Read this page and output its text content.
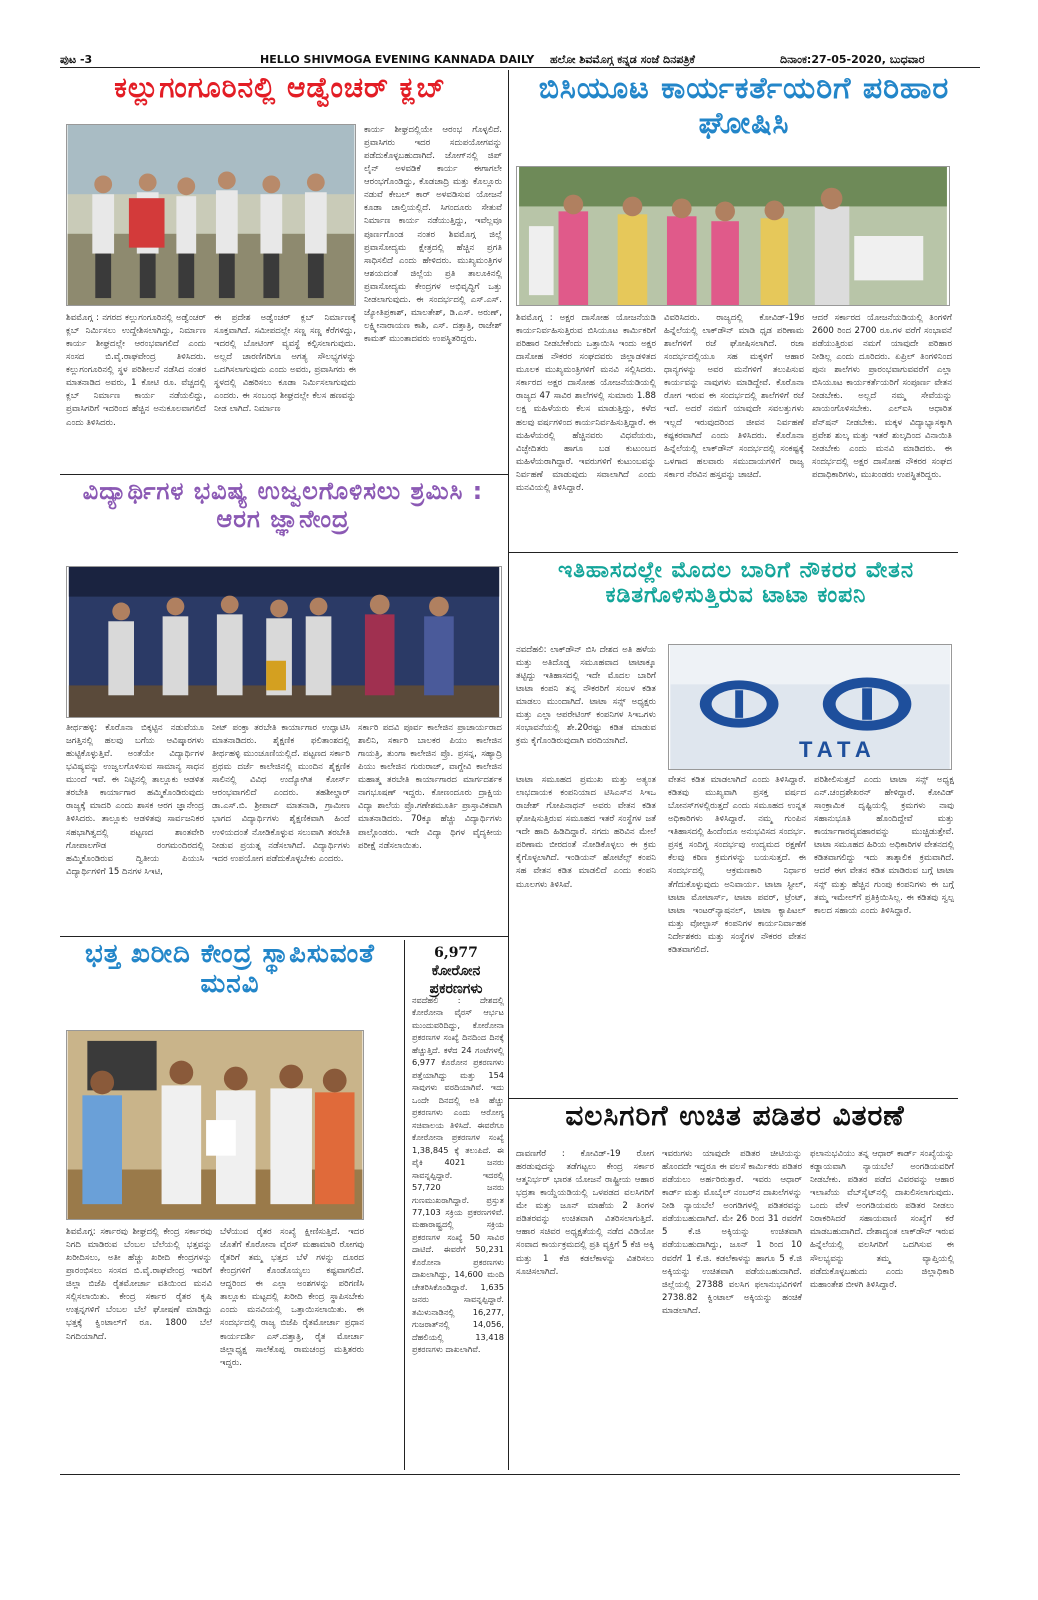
ಪುಟ -3	HELLO SHIVMOGA EVENING KANNADA DAILY ಹಲೋ ಶಿವಮೊಗ್ಗ ಕನ್ನಡ ಸಂಜೆ ದಿನಪತ್ರಿಕೆ	ದಿನಾಂಕ:27-05-2020, ಬುಧವಾರ
ಕಲ್ಲುಗಂಗೂರಿನಲ್ಲಿ ಆಡ್ವೆಂಚರ್ ಕ್ಲಬ್
ಶಿವಮೊಗ್ಗ : ನಗರದ ಕಲ್ಲುಗಂಗೂರಿನಲ್ಲಿ ಅಡ್ವೆಂಚರ್ ಕ್ಲಬ್ ನಿರ್ಮಿಸಲು ಉದ್ದೇಶಿಸಲಾಗಿದ್ದು, ನಿರ್ಮಾಣ ಕಾರ್ಯ ಶೀಘ್ರದಲ್ಲೇ ಆರಂಭವಾಗಲಿದೆ ಎಂದು ಸಂಸದ ಬಿ.ವೈ.ರಾಘವೇಂದ್ರ ತಿಳಿಸಿದರು. ಕಲ್ಲುಗಂಗೂರಿನಲ್ಲಿ ಸ್ಥಳ ಪರಿಶೀಲನೆ ನಡೆಸಿದ ನಂತರ ಮಾತನಾಡಿದ ಅವರು, 1 ಕೋಟಿ ರೂ. ವೆಚ್ಚದಲ್ಲಿ ಕ್ಲಬ್ ನಿರ್ಮಾಣ ಕಾರ್ಯ ನಡೆಯಲಿದ್ದು, ಪ್ರವಾಸಿಗರಿಗೆ ಇದರಿಂದ ಹೆಚ್ಚಿನ ಅನುಕೂಲವಾಗಲಿದೆ ಎಂದು ತಿಳಿಸಿದರು.
ಈ ಪ್ರದೇಶ ಅಡ್ವೆಂಚರ್ ಕ್ಲಬ್ ನಿರ್ಮಾಣಕ್ಕೆ ಸೂಕ್ತವಾಗಿದೆ. ಸಮೀಪದಲ್ಲೇ ಸಣ್ಣ ಸಣ್ಣ ಕೆರೆಗಳಿದ್ದು, ಇದರಲ್ಲಿ ಬೋಟಿಂಗ್ ವ್ಯವಸ್ಥೆ ಕಲ್ಪಿಸಲಾಗುವುದು. ಅಲ್ಲದೆ ಚಾರಣಿಗರಿಗೂ ಅಗತ್ಯ ಸೌಲಭ್ಯಗಳನ್ನು ಒದಗಿಸಲಾಗುವುದು ಎಂದು ಅವರು, ಪ್ರವಾಸಿಗರು ಈ ಸ್ಥಳದಲ್ಲಿ ವಿಹರಿಸಲು ಕೂಡಾ ನಿರ್ಮಿಸಲಾಗುವುದು ಎಂದರು. ಈ ಸಂಬಂಧ ಶೀಘ್ರದಲ್ಲೇ ಕೆಲಸ ಹಣವನ್ನು ನೀಡ ಲಾಗಿದೆ. ನಿರ್ಮಾಣ
ಕಾರ್ಯ ಶೀಘ್ರದಲ್ಲಿಯೇ ಆರಂಭ ಗೊಳ್ಳಲಿದೆ. ಪ್ರವಾಸಿಗರು ಇದರ ಸದುಪಯೋಗವನ್ನು ಪಡೆದುಕೊಳ್ಳಬಹುದಾಗಿದೆ. ಜೋಗ್‌ನಲ್ಲಿ ಜಿಪ್ ಲೈನ್ ಅಳವಡಿಕೆ ಕಾರ್ಯ ಈಗಾಗಲೇ ಆರಂಭಗೊಂಡಿದ್ದು, ಕೊಡಚಾದ್ರಿ ಮತ್ತು ಕೊಲ್ಲೂರು ನಡುವೆ ಕೇಬಲ್ ಕಾರ್ ಅಳವಡಿಸುವ ಯೋಜನೆ ಕೂಡಾ ಚಾಲ್ತಿಯಲ್ಲಿದೆ. ಸಿಗಂದೂರು ಸೇತುವೆ ನಿರ್ಮಾಣ ಕಾರ್ಯ ನಡೆಯುತ್ತಿದ್ದು, ಇವೆಲ್ಲವೂ ಪೂರ್ಣಗೊಂಡ ನಂತರ ಶಿವಮೊಗ್ಗ ಜಿಲ್ಲೆ ಪ್ರವಾಸೋದ್ಯಮ ಕ್ಷೇತ್ರದಲ್ಲಿ ಹೆಚ್ಚಿನ ಪ್ರಗತಿ ಸಾಧಿಸಲಿದೆ ಎಂದು ಹೇಳಿದರು. ಮುಖ್ಯಮಂತ್ರಿಗಳ ಆಶಯದಂತೆ ಜಿಲ್ಲೆಯ ಪ್ರತಿ ತಾಲೂಕಿನಲ್ಲಿ ಪ್ರವಾಸೋದ್ಯಮ ಕೇಂದ್ರಗಳ ಅಭಿವೃದ್ಧಿಗೆ ಒತ್ತು ನೀಡಲಾಗುವುದು. ಈ ಸಂದರ್ಭದಲ್ಲಿ ಎಸ್.ಎಸ್. ಜ್ಯೋತಿಪ್ರಕಾಶ್, ಮಾಲತೇಶ್, ಡಿ.ಎಸ್. ಅರುಣ್, ಲಕ್ಷ್ಮೀನಾರಾಯಣ ಕಾಶಿ, ಎಸ್. ದತ್ತಾತ್ರಿ, ರಾಜೇಶ್ ಕಾಮತ್ ಮುಂತಾದವರು ಉಪಸ್ಥಿತರಿದ್ದರು.
ಬಿಸಿಯೂಟ ಕಾರ್ಯಕರ್ತೆಯರಿಗೆ ಪರಿಹಾರ ಘೋಷಿಸಿ
ಶಿವಮೊಗ್ಗ : ಅಕ್ಷರ ದಾಸೋಹ ಯೋಜನೆಯಡಿ ಕಾರ್ಯನಿರ್ವಹಿಸುತ್ತಿರುವ ಬಿಸಿಯೂಟ ಕಾರ್ಮಿಕರಿಗೆ ಪರಿಹಾರ ನೀಡಬೇಕೆಂದು ಒತ್ತಾಯಿಸಿ ಇಂದು ಅಕ್ಷರ ದಾಸೋಹ ನೌಕರರ ಸಂಘದವರು ಜಿಲ್ಲಾಡಳಿತದ ಮೂಲಕ ಮುಖ್ಯಮಂತ್ರಿಗಳಿಗೆ ಮನವಿ ಸಲ್ಲಿಸಿದರು. ಸರ್ಕಾರದ ಅಕ್ಷರ ದಾಸೋಹ ಯೋಜನೆಯಡಿಯಲ್ಲಿ ರಾಜ್ಯದ 47 ಸಾವಿರ ಶಾಲೆಗಳಲ್ಲಿ ಸುಮಾರು 1.88 ಲಕ್ಷ ಮಹಿಳೆಯರು ಕೆಲಸ ಮಾಡುತ್ತಿದ್ದು, ಕಳೆದ ಹಲವು ವರ್ಷಗಳಿಂದ ಕಾರ್ಯನಿರ್ವಹಿಸುತ್ತಿದ್ದಾರೆ. ಈ ಮಹಿಳೆಯರಲ್ಲಿ ಹೆಚ್ಚಿನವರು ವಿಧವೆಯರು, ವಿಚ್ಛೇದಿತರು ಹಾಗೂ ಬಡ ಕುಟುಂಬದ ಮಹಿಳೆಯರಾಗಿದ್ದಾರೆ. ಇವರುಗಳಿಗೆ ಕುಟುಂಬವನ್ನು ನಿರ್ವಹಣೆ ಮಾಡುವುದು ಸವಾಲಾಗಿದೆ ಎಂದು ಮನವಿಯಲ್ಲಿ ತಿಳಿಸಿದ್ದಾರೆ.
ವಿವರಿಸಿದರು. ರಾಜ್ಯದಲ್ಲಿ ಕೋವಿಡ್-19ರ ಹಿನ್ನೆಲೆಯಲ್ಲಿ ಲಾಕ್‌ಡೌನ್ ಮಾಡಿ ಧೃಡ ಪರಿಣಾಮ ಶಾಲೆಗಳಿಗೆ ರಜೆ ಘೋಷಿಸಲಾಗಿದೆ. ರಜಾ ಸಂದರ್ಭದಲ್ಲಿಯೂ ಸಹ ಮಕ್ಕಳಿಗೆ ಆಹಾರ ಧಾನ್ಯಗಳನ್ನು ಅವರ ಮನೆಗಳಿಗೆ ತಲುಪಿಸುವ ಕಾರ್ಯವನ್ನು ನಾವುಗಳು ಮಾಡಿದ್ದೇವೆ. ಕೊರೊನಾ ರೋಗ ಇರುವ ಈ ಸಂದರ್ಭದಲ್ಲಿ ಶಾಲೆಗಳಿಗೆ ರಜೆ ಇದೆ. ಅದರೆ ನಮಗೆ ಯಾವುದೇ ಸವಲತ್ತುಗಳು ಇಲ್ಲದೆ ಇರುವುದರಿಂದ ಜೀವನ ನಿರ್ವಹಣೆ ಕಷ್ಟಕರವಾಗಿದೆ ಎಂದು ತಿಳಿಸಿದರು. ಕೊರೊನಾ ಹಿನ್ನೆಲೆಯಲ್ಲಿ ಲಾಕ್‌ಡೌನ್ ಸಂದರ್ಭದಲ್ಲಿ ಸಂಕಷ್ಟಕ್ಕೆ ಒಳಗಾದ ಹಲವಾರು ಸಮುದಾಯಗಳಿಗೆ ರಾಜ್ಯ ಸರ್ಕಾರ ನೆರವಿನ ಹಸ್ತವನ್ನು ಚಾಚಿದೆ.
ಆದರೆ ಸರ್ಕಾರದ ಯೋಜನೆಯಡಿಯಲ್ಲಿ ತಿಂಗಳಿಗೆ 2600 ರಿಂದ 2700 ರೂ.ಗಳ ವರೆಗೆ ಸಂಭಾವನೆ ಪಡೆಯುತ್ತಿರುವ ನಮಗೆ ಯಾವುದೇ ಪರಿಹಾರ ನೀಡಿಲ್ಲ ಎಂದು ದೂರಿದರು. ಏಪ್ರಿಲ್ ತಿಂಗಳಿನಿಂದ ಪುನಃ ಶಾಲೆಗಳು ಪ್ರಾರಂಭವಾಗುವವರೆಗೆ ಎಲ್ಲಾ ಬಿಸಿಯೂಟ ಕಾರ್ಯಕರ್ತೆಯರಿಗೆ ಸಂಪೂರ್ಣ ವೇತನ ನೀಡಬೇಕು. ಅಲ್ಲದೆ ನಮ್ಮ ಸೇವೆಯನ್ನು ಖಾಯಂಗೊಳಿಸಬೇಕು. ಎಲ್ಐಸಿ ಆಧಾರಿತ ಪೆನ್‌ಷನ್ ನೀಡಬೇಕು. ಮಕ್ಕಳ ವಿದ್ಯಾಭ್ಯಾಸಕ್ಕಾಗಿ ಪ್ರವೇಶ ಶುಲ್ಕ ಮತ್ತು ಇತರೆ ಶುಲ್ಕದಿಂದ ವಿನಾಯಿತಿ ನೀಡಬೇಕು ಎಂದು ಮನವಿ ಮಾಡಿದರು. ಈ ಸಂದರ್ಭದಲ್ಲಿ ಅಕ್ಷರ ದಾಸೋಹ ನೌಕರರ ಸಂಘದ ಪದಾಧಿಕಾರಿಗಳು, ಮುಖಂಡರು ಉಪಸ್ಥಿತರಿದ್ದರು.
ವಿದ್ಯಾರ್ಥಿಗಳ ಭವಿಷ್ಯ ಉಜ್ವಲಗೊಳಿಸಲು ಶ್ರಮಿಸಿ : ಆರಗ ಜ್ಞಾನೇಂದ್ರ
ತೀರ್ಥಹಳ್ಳಿ: ಕೊರೊನಾ ಬಿಕ್ಕಟ್ಟಿನ ನಡುವೆಯೂ ಜಗತ್ತಿನಲ್ಲಿ ಹಲವು ಬಗೆಯ ಆವಿಷ್ಕಾರಗಳು ಹುಟ್ಟಿಕೊಳ್ಳುತ್ತಿವೆ. ಅಂತೆಯೇ ವಿದ್ಯಾರ್ಥಿಗಳ ಭವಿಷ್ಯವನ್ನು ಉಜ್ವಲಗೊಳಿಸುವ ಸಾಮಾನ್ಯ ಸಾಧನ ಮುಂದೆ ಇವೆ. ಈ ನಿಟ್ಟಿನಲ್ಲಿ ತಾಲ್ಲೂಕು ಆಡಳಿತ ತರಬೇತಿ ಕಾರ್ಯಾಗಾರ ಹಮ್ಮಿಕೊಂಡಿರುವುದು ರಾಜ್ಯಕ್ಕೆ ಮಾದರಿ ಎಂದು ಶಾಸಕ ಆರಗ ಜ್ಞಾನೇಂದ್ರ ತಿಳಿಸಿದರು. ತಾಲ್ಲೂಕು ಆಡಳಿತವು ಸಾರ್ವಜನಿಕರ ಸಹಭಾಗಿತ್ವದಲ್ಲಿ ಪಟ್ಟಣದ ಶಾಂತವೇರಿ ಗೋಪಾಲಗೌಡ ರಂಗಮಂದಿರದಲ್ಲಿ ಹಮ್ಮಿಕೊಂಡಿರುವ ದ್ವಿತೀಯ ಪಿಯುಸಿ ವಿದ್ಯಾರ್ಥಿಗಳಿಗೆ 15 ದಿನಗಳ ಸಿಇಟಿ,
ನೀಟ್ ಪಂಕ್ತಾ ತರಬೇತಿ ಕಾರ್ಯಾಗಾರ ಉದ್ಘಾಟಿಸಿ ಮಾತನಾಡಿದರು. ಶೈಕ್ಷಣಿಕ ಫಲಿತಾಂಶದಲ್ಲಿ ತೀರ್ಥಹಳ್ಳಿ ಮುಂಚೂಣಿಯಲ್ಲಿದೆ. ಪಟ್ಟಣದ ಸರ್ಕಾರಿ ಪ್ರಥಮ ದರ್ಜೆ ಕಾಲೇಜಿನಲ್ಲಿ ಮುಂದಿನ ಶೈಕ್ಷಣಿಕ ಸಾಲಿನಲ್ಲಿ ವಿವಿಧ ಉದ್ಯೋಗಿತ ಕೋರ್ಸ್ ಆರಂಭವಾಗಲಿದೆ ಎಂದರು. ತಹಶೀಲ್ದಾರ್ ಡಾ.ಎಸ್.ಬಿ. ಶ್ರೀಪಾದ್ ಮಾತನಾಡಿ, ಗ್ರಾಮೀಣ ಭಾಗದ ವಿದ್ಯಾರ್ಥಿಗಳು ಶೈಕ್ಷಣಿಕವಾಗಿ ಹಿಂದೆ ಉಳಿಯದಂತೆ ನೋಡಿಕೊಳ್ಳುವ ಸಲುವಾಗಿ ತರಬೇತಿ ನೀಡುವ ಪ್ರಯತ್ನ ನಡೆಸಲಾಗಿದೆ. ವಿದ್ಯಾರ್ಥಿಗಳು ಇದರ ಉಪಯೋಗ ಪಡೆದುಕೊಳ್ಳಬೇಕು ಎಂದರು.
ಸರ್ಕಾರಿ ಪದವಿ ಪೂರ್ವ ಕಾಲೇಜಿನ ಪ್ರಾಚಾರ್ಯರಾದ ಶಾಲಿನಿ, ಸರ್ಕಾರಿ ಬಾಲಕರ ಪಿಯು ಕಾಲೇಜಿನ ಗಾಯತ್ರಿ, ತುಂಗಾ ಕಾಲೇಜಿನ ಪ್ರೊ. ಪ್ರಸನ್ನ, ಸಹ್ಯಾದ್ರಿ ಪಿಯು ಕಾಲೇಜಿನ ಗುರುರಾಜ್, ವಾಗ್ದೇವಿ ಕಾಲೇಜಿನ ಮಹಾತ್ಮ ತರಬೇತಿ ಕಾರ್ಯಾಗಾರದ ಮಾರ್ಗದರ್ಶಕ ನಾಗಭೂಷಣ್ ಇದ್ದರು. ಕೋಣಂದೂರು ದ್ರಾಕ್ಷಿಯ ವಿದ್ಯಾ ಶಾಲೆಯ ಪ್ರೊ.ಗಣೇಶಮೂರ್ತಿ ಪ್ರಾಸ್ತಾವಿಕವಾಗಿ ಮಾತನಾಡಿದರು. 70ಕ್ಕೂ ಹೆಚ್ಚು ವಿದ್ಯಾರ್ಥಿಗಳು ಪಾಲ್ಗೊಂಡರು. ಇದೇ ವಿದ್ಯಾ ಥಿಗಳ ವೈದ್ಯಕೀಯ ಪರೀಕ್ಷೆ ನಡೆಸಲಾಯಿತು.
ಇತಿಹಾಸದಲ್ಲೇ ಮೊದಲ ಬಾರಿಗೆ ನೌಕರರ ವೇತನ ಕಡಿತಗೊಳಿಸುತ್ತಿರುವ ಟಾಟಾ ಕಂಪನಿ
ನವದೆಹಲಿ: ಲಾಕ್‌ಡೌನ್ ಬಿಸಿ ದೇಶದ ಅತಿ ಹಳೆಯ ಮತ್ತು ಅತಿದೊಡ್ಡ ಸಮೂಹವಾದ ಟಾಟಾಕ್ಕೂ ತಟ್ಟಿದ್ದು ಇತಿಹಾಸದಲ್ಲಿ ಇದೇ ಮೊದಲ ಬಾರಿಗೆ ಟಾಟಾ ಕಂಪನಿ ತನ್ನ ನೌಕರರಿಗೆ ಸಂಬಳ ಕಡಿತ ಮಾಡಲು ಮುಂದಾಗಿದೆ. ಟಾಟಾ ಸನ್ಸ್ ಅಧ್ಯಕ್ಷರು ಮತ್ತು ಎಲ್ಲಾ ಆಪರೇಟಿಂಗ್ ಕಂಪನಿಗಳ ಸಿಇಒಗಳು ಸಂಭಾವನೆಯಲ್ಲಿ ಶೇ.20ರಷ್ಟು ಕಡಿತ ಮಾಡುವ ಕ್ರಮ ಕೈಗೊಂಡಿರುವುದಾಗಿ ವರದಿಯಾಗಿದೆ.	TATA
ವೇತನ ಕಡಿತ ಮಾಡಲಾಗಿದೆ ಎಂದು ತಿಳಿಸಿದ್ದಾರೆ. ಕಡಿತವು ಮುಖ್ಯವಾಗಿ ಪ್ರಸಕ್ತ ವರ್ಷದ ಬೋನಸ್‌ಗಳಲ್ಲಿರುತ್ತದೆ ಎಂದು ಸಮೂಹದ ಉನ್ನತ ಅಧಿಕಾರಿಗಳು ತಿಳಿಸಿದ್ದಾರೆ. ನಮ್ಮ ಗುಂಪಿನ ಇತಿಹಾಸದಲ್ಲಿ ಹಿಂದೆಂದೂ ಅನುಭವಿಸದ ಸಂದರ್ಭ. ಪ್ರಸಕ್ತ ಸಂದಿಗ್ಧ ಸಂದರ್ಭವು ಉದ್ಯಮದ ರಕ್ಷಣೆಗೆ ಕೆಲವು ಕಠಿಣ ಕ್ರಮಗಳನ್ನು ಬಯಸುತ್ತದೆ. ಈ ಸಂದರ್ಭದಲ್ಲಿ ಆಕ್ರಮಣಕಾರಿ ನಿರ್ಧಾರ ತೆಗೆದುಕೊಳ್ಳುವುದು ಅನಿವಾರ್ಯ. ಟಾಟಾ ಸ್ಟೀಲ್, ಟಾಟಾ ಮೋಟಾರ್ಸ್, ಟಾಟಾ ಪವರ್, ಟ್ರೆಂಟ್, ಟಾಟಾ ಇಂಟರ್‌ನ್ಯಾಷನಲ್, ಟಾಟಾ ಕ್ಯಾಪಿಟಲ್ ಮತ್ತು ವೋಲ್ಟಾಸ್ ಕಂಪನಿಗಳ ಕಾರ್ಯನಿರ್ವಾಹಕ ನಿರ್ದೇಶಕರು ಮತ್ತು ಸಂಸ್ಥೆಗಳ ನೌಕರರ ವೇತನ ಕಡಿತವಾಗಲಿದೆ.
ಪರಿಶೀಲಿಸುತ್ತದೆ ಎಂದು ಟಾಟಾ ಸನ್ಸ್ ಅಧ್ಯಕ್ಷ ಎನ್.ಚಂದ್ರಶೇಖರನ್ ಹೇಳಿದ್ದಾರೆ. ಕೋವಿಡ್ ಸಾಂಕ್ರಾಮಿಕ ದೃಷ್ಟಿಯಲ್ಲಿ ಕ್ರಮಗಳು ನಾವು ಸಹಾನುಭೂತಿ ಹೊಂದಿದ್ದೇವೆ ಮತ್ತು ಕಾರ್ಯಾಗಾರವ್ಯವಹಾರವನ್ನು ಮುಚ್ಚಿಡುತ್ತೇವೆ. ಟಾಟಾ ಸಮೂಹದ ಹಿರಿಯ ಅಧಿಕಾರಿಗಳ ವೇತನದಲ್ಲಿ ಕಡಿತವಾಗಲಿದ್ದು ಇದು ತಾತ್ಕಾಲಿಕ ಕ್ರಮವಾಗಿದೆ. ಆದರೆ ಈಗ ವೇತನ ಕಡಿತ ಮಾಡಿರುವ ಬಗ್ಗೆ ಟಾಟಾ ಸನ್ಸ್ ಮತ್ತು ಹೆಚ್ಚಿನ ಗುಂಪು ಕಂಪನಿಗಳು ಈ ಬಗ್ಗೆ ತಮ್ಮ ಇಮೇಲ್‌ಗೆ ಪ್ರತಿಕ್ರಿಯಿಸಿಲ್ಲ. ಈ ಕಡಿತವು ಸ್ವಲ್ಪ ಕಾಲದ ಸಹಾಯ ಎಂದು ತಿಳಿಸಿದ್ದಾರೆ.

ಟಾಟಾ ಸಮೂಹದ ಪ್ರಮುಖ ಮತ್ತು ಅತ್ಯಂತ ಲಾಭದಾಯಕ ಕಂಪನಿಯಾದ ಟಿಸಿಎಸ್‌ನ ಸಿಇಒ ರಾಜೇಶ್ ಗೋಪಿನಾಥನ್ ಅವರು ವೇತನ ಕಡಿತ ಘೋಷಿಸುತ್ತಿರುವ ಸಮೂಹದ ಇತರೆ ಸಂಸ್ಥೆಗಳ ಜತೆ ಇದೇ ಹಾದಿ ಹಿಡಿದಿದ್ದಾರೆ. ನಗದು ಹರಿವಿನ ಮೇಲೆ ಪರಿಣಾಮ ಬೀರದಂತೆ ನೋಡಿಕೊಳ್ಳಲು ಈ ಕ್ರಮ ಕೈಗೊಳ್ಳಲಾಗಿದೆ. ಇಂಡಿಯನ್ ಹೋಟೆಲ್ಸ್ ಕಂಪನಿ ಸಹ ವೇತನ ಕಡಿತ ಮಾಡಲಿದೆ ಎಂದು ಕಂಪನಿ ಮೂಲಗಳು ತಿಳಿಸಿವೆ.

ಭತ್ತ ಖರೀದಿ ಕೇಂದ್ರ ಸ್ಥಾಪಿಸುವಂತೆ ಮನವಿ
ಶಿವಮೊಗ್ಗ: ಸರ್ಕಾರವು ಶೀಘ್ರದಲ್ಲಿ ಕೇಂದ್ರ ಸರ್ಕಾರವು ನಿಗದಿ ಮಾಡಿರುವ ಬೆಂಬಲ ಬೆಲೆಯಲ್ಲಿ ಭತ್ತವನ್ನು ಖರೀದಿಸಲು, ಅತೀ ಹೆಚ್ಚು ಖರೀದಿ ಕೇಂದ್ರಗಳನ್ನು ಪ್ರಾರಂಭಿಸಲು ಸಂಸದ ಬಿ.ವೈ.ರಾಘವೇಂದ್ರ ಇವರಿಗೆ ಜಿಲ್ಲಾ ಬಿಜೆಪಿ ರೈತಮೋರ್ಚಾ ವತಿಯಿಂದ ಮನವಿ ಸಲ್ಲಿಸಲಾಯಿತು. ಕೇಂದ್ರ ಸರ್ಕಾರ ರೈತರ ಕೃಷಿ ಉತ್ಪನ್ನಗಳಿಗೆ ಬೆಂಬಲ ಬೆಲೆ ಘೋಷಣೆ ಮಾಡಿದ್ದು ಭತ್ತಕ್ಕೆ ಕ್ವಿಂಟಾಲ್‌ಗೆ ರೂ. 1800 ಬೆಲೆ ನಿಗದಿಯಾಗಿದೆ.
ಬೆಳೆಯುವ ರೈತರ ಸಂಖ್ಯೆ ಕ್ಷೀಣಿಸುತ್ತಿದೆ. ಇದರ ಜೊತೆಗೆ ಕೊರೋನಾ ವೈರಸ್ ಮಹಾಮಾರಿ ರೋಗವು ರೈತರಿಗೆ ತಮ್ಮ ಭತ್ತದ ಬೆಳೆ ಗಳನ್ನು ದೂರದ ಕೇಂದ್ರಗಳಿಗೆ ಕೊಂಡೊಯ್ಯಲು ಕಷ್ಟವಾಗಲಿದೆ. ಆದ್ದರಿಂದ ಈ ಎಲ್ಲಾ ಅಂಶಗಳನ್ನು ಪರಿಗಣಿಸಿ ತಾಲ್ಲೂಕು ಮಟ್ಟದಲ್ಲಿ ಖರೀದಿ ಕೇಂದ್ರ ಸ್ಥಾಪಿಸಬೇಕು ಎಂದು ಮನವಿಯಲ್ಲಿ ಒತ್ತಾಯಿಸಲಾಯಿತು. ಈ ಸಂದರ್ಭದಲ್ಲಿ ರಾಜ್ಯ ಬಿಜೆಪಿ ರೈತಮೋರ್ಚಾ ಪ್ರಧಾನ ಕಾರ್ಯದರ್ಶಿ ಎಸ್.ದತ್ತಾತ್ರಿ, ರೈತ ಮೋರ್ಚಾ ಜಿಲ್ಲಾಧ್ಯಕ್ಷ ಸಾಲೆಕೊಪ್ಪ ರಾಮಚಂದ್ರ ಮತ್ತಿತರರು ಇದ್ದರು.
6,977 ಕೋರೋನ ಪ್ರಕರಣಗಳು
ನವದೆಹಲಿ : ದೇಶದಲ್ಲಿ ಕೋರೋನಾ ವೈರಸ್ ಆರ್ಭಟ ಮುಂದುವರಿದಿದ್ದು, ಕೋರೋನಾ ಪ್ರಕರಣಗಳ ಸಂಖ್ಯೆ ದಿನದಿಂದ ದಿನಕ್ಕೆ ಹೆಚ್ಚುತ್ತಿದೆ. ಕಳೆದ 24 ಗಂಟೆಗಳಲ್ಲಿ 6,977 ಕೊರೋನ ಪ್ರಕರಣಗಳು ಪತ್ತೆಯಾಗಿದ್ದು ಮತ್ತು 154 ಸಾವುಗಳು ವರದಿಯಾಗಿವೆ. ಇದು ಒಂದೇ ದಿನದಲ್ಲಿ ಅತಿ ಹೆಚ್ಚು ಪ್ರಕರಣಗಳು ಎಂದು ಆರೋಗ್ಯ ಸಚಿವಾಲಯ ತಿಳಿಸಿದೆ. ಈವರೆಗೂ ಕೋರೋನಾ ಪ್ರಕರಣಗಳ ಸಂಖ್ಯೆ 1,38,845 ಕ್ಕೆ ತಲುಪಿದೆ. ಈ ಪೈಕಿ 4021 ಜನರು ಸಾವನ್ನಪ್ಪಿದ್ದಾರೆ. ಇದರಲ್ಲಿ 57,720 ಜನರು ಗುಣಮುಖರಾಗಿದ್ದಾರೆ. ಪ್ರಸ್ತುತ 77,103 ಸಕ್ರಿಯ ಪ್ರಕರಣಗಳಿವೆ. ಮಹಾರಾಷ್ಟ್ರದಲ್ಲಿ ಸಕ್ರಿಯ ಪ್ರಕರಣಗಳ ಸಂಖ್ಯೆ 50 ಸಾವಿರ ದಾಟಿದೆ. ಈವರೆಗೆ 50,231 ಕೊರೋನಾ ಪ್ರಕರಣಗಳು ದಾಖಲಾಗಿದ್ದು, 14,600 ಮಂದಿ ಚೇತರಿಸಿಕೊಂಡಿದ್ದಾರೆ. 1,635 ಜನರು ಸಾವನ್ನಪ್ಪಿದ್ದಾರೆ. ತಮಿಳುನಾಡಿನಲ್ಲಿ 16,277, ಗುಜರಾತ್‌ನಲ್ಲಿ 14,056, ದೆಹಲಿಯಲ್ಲಿ 13,418 ಪ್ರಕರಣಗಳು ದಾಖಲಾಗಿವೆ.
ವಲಸಿಗರಿಗೆ ಉಚಿತ ಪಡಿತರ ವಿತರಣೆ
ದಾವಣಗೆರೆ : ಕೋವಿಡ್-19 ರೋಗ ಹರಡುವುದನ್ನು ತಡೆಗಟ್ಟಲು ಕೇಂದ್ರ ಸರ್ಕಾರ ಆತ್ಮನಿರ್ಭರ್ ಭಾರತ ಯೋಜನೆ ರಾಷ್ಟ್ರೀಯ ಆಹಾರ ಭದ್ರತಾ ಕಾಯ್ದೆಯಡಿಯಲ್ಲಿ ಒಳಪಡದ ವಲಸಿಗರಿಗೆ ಮೇ ಮತ್ತು ಜೂನ್ ಮಾಹೆಯ 2 ತಿಂಗಳ ಪಡಿತರವನ್ನು ಉಚಿತವಾಗಿ ವಿತರಿಸಲಾಗುತ್ತಿದೆ. ಆಹಾರ ಸಚಿವರ ಅಧ್ಯಕ್ಷತೆಯಲ್ಲಿ ನಡೆದ ವಿಡಿಯೋ ಸಂವಾದ ಕಾರ್ಯಕ್ರಮದಲ್ಲಿ ಪ್ರತಿ ವ್ಯಕ್ತಿಗೆ 5 ಕೆಜಿ ಅಕ್ಕಿ ಮತ್ತು 1 ಕೆಜಿ ಕಡಲೆಕಾಳನ್ನು ವಿತರಿಸಲು ಸೂಚಿಸಲಾಗಿದೆ.
ಇವರುಗಳು ಯಾವುದೇ ಪಡಿತರ ಚೀಟಿಯನ್ನು ಹೊಂದದೇ ಇದ್ದರೂ ಈ ವಲಸೆ ಕಾರ್ಮಿಕರು ಪಡಿತರ ಪಡೆಯಲು ಅರ್ಹರಿರುತ್ತಾರೆ. ಇವರು ಆಧಾರ್ ಕಾರ್ಡ್ ಮತ್ತು ಮೊಬೈಲ್ ನಂಬರ್‌ನ ದಾಖಲೆಗಳನ್ನು ನೀಡಿ ನ್ಯಾಯಬೆಲೆ ಅಂಗಡಿಗಳಲ್ಲಿ ಪಡಿತರವನ್ನು ಪಡೆಯಬಹುದಾಗಿದೆ. ಮೇ 26 ರಿಂದ 31 ರವರೆಗೆ 5 ಕೆ.ಜಿ ಅಕ್ಕಿಯನ್ನು ಉಚಿತವಾಗಿ ಪಡೆಯಬಹುದಾಗಿದ್ದು, ಜೂನ್ 1 ರಿಂದ 10 ರವರೆಗೆ 1 ಕೆ.ಜಿ. ಕಡಲೆಕಾಳನ್ನು ಹಾಗೂ 5 ಕೆ.ಜಿ ಅಕ್ಕಿಯನ್ನು ಉಚಿತವಾಗಿ ಪಡೆಯಬಹುದಾಗಿದೆ. ಜಿಲ್ಲೆಯಲ್ಲಿ 27388 ವಲಸಿಗ ಫಲಾನುಭವಿಗಳಿಗೆ 2738.82 ಕ್ವಿಂಟಾಲ್ ಅಕ್ಕಿಯನ್ನು ಹಂಚಿಕೆ ಮಾಡಲಾಗಿದೆ.
ಫಲಾನುಭವಿಯು ತನ್ನ ಆಧಾರ್ ಕಾರ್ಡ್ ಸಂಖ್ಯೆಯನ್ನು ಕಡ್ಡಾಯವಾಗಿ ನ್ಯಾಯಬೆಲೆ ಅಂಗಡಿಯವರಿಗೆ ನೀಡಬೇಕು. ಪಡಿತರ ಪಡೆದ ವಿವರವನ್ನು ಆಹಾರ ಇಲಾಖೆಯ ವೆಬ್‌ಸೈಟ್‌ನಲ್ಲಿ ದಾಖಲಿಸಲಾಗುವುದು. ಒಂದು ವೇಳೆ ಅಂಗಡಿಯವರು ಪಡಿತರ ನೀಡಲು ನಿರಾಕರಿಸಿದರೆ ಸಹಾಯವಾಣಿ ಸಂಖ್ಯೆಗೆ ಕರೆ ಮಾಡಬಹುದಾಗಿದೆ. ದೇಶಾದ್ಯಂತ ಲಾಕ್‌ಡೌನ್ ಇರುವ ಹಿನ್ನೆಲೆಯಲ್ಲಿ ವಲಸಿಗರಿಗೆ ಒದಗಿಸುವ ಈ ಸೌಲಭ್ಯವನ್ನು ತಮ್ಮ ವ್ಯಾಪ್ತಿಯಲ್ಲಿ ಪಡೆದುಕೊಳ್ಳಬಹುದು ಎಂದು ಜಿಲ್ಲಾಧಿಕಾರಿ ಮಹಾಂತೇಶ ಬೀಳಗಿ ತಿಳಿಸಿದ್ದಾರೆ.
